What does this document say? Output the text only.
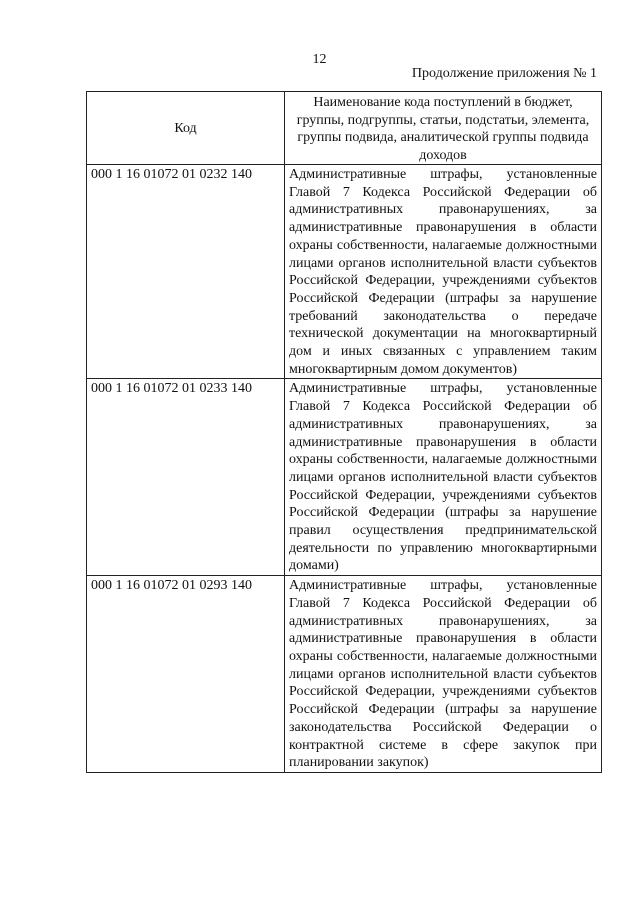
12
Продолжение приложения № 1
Код	Наименование кода поступлений в бюджет, группы, подгруппы, статьи, подстатьи, элемента, группы подвида, аналитической группы подвида доходов
000 1 16 01072 01 0232 140	Административные штрафы, установленные Главой 7 Кодекса Российской Федерации об административных правонарушениях, за административные правонарушения в области охраны собственности, налагаемые должностными лицами органов исполнительной власти субъектов Российской Федерации, учреждениями субъектов Российской Федерации (штрафы за нарушение требований законодательства о передаче технической документации на многоквартирный дом и иных связанных с управлением таким многоквартирным домом документов)
000 1 16 01072 01 0233 140	Административные штрафы, установленные Главой 7 Кодекса Российской Федерации об административных правонарушениях, за административные правонарушения в области охраны собственности, налагаемые должностными лицами органов исполнительной власти субъектов Российской Федерации, учреждениями субъектов Российской Федерации (штрафы за нарушение правил осуществления предпринимательской деятельности по управлению многоквартирными домами)
000 1 16 01072 01 0293 140	Административные штрафы, установленные Главой 7 Кодекса Российской Федерации об административных правонарушениях, за административные правонарушения в области охраны собственности, налагаемые должностными лицами органов исполнительной власти субъектов Российской Федерации, учреждениями субъектов Российской Федерации (штрафы за нарушение законодательства Российской Федерации о контрактной системе в сфере закупок при планировании закупок)
